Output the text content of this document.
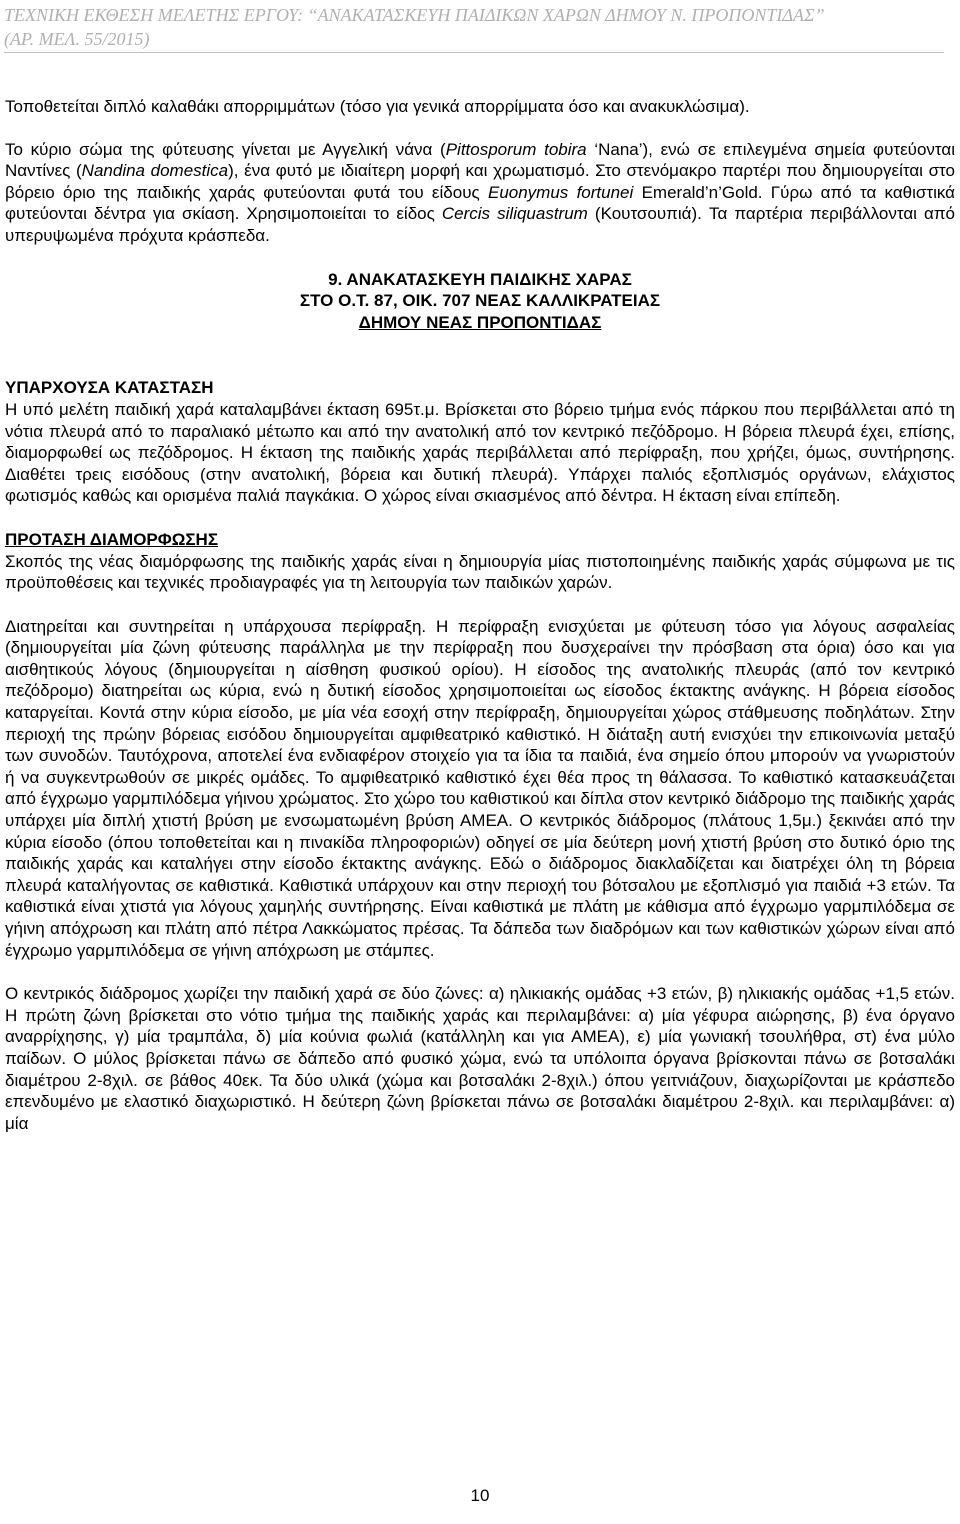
ΤΕΧΝΙΚΗ ΕΚΘΕΣΗ ΜΕΛΕΤΗΣ ΕΡΓΟΥ: “ΑΝΑΚΑΤΑΣΚΕΥΗ ΠΑΙΔΙΚΩΝ ΧΑΡΩΝ ΔΗΜΟΥ Ν. ΠΡΟΠΟΝΤΙΔΑΣ”
(ΑΡ. ΜΕΛ. 55/2015)

Τοποθετείται διπλό καλαθάκι απορριμμάτων (τόσο για γενικά απορρίμματα όσο και ανακυκλώσιμα).

Το κύριο σώμα της φύτευσης γίνεται με Αγγελική νάνα (Pittosporum tobira ‘Nana’), ενώ σε επιλεγμένα σημεία φυτεύονται Ναντίνες (Nandina domestica), ένα φυτό με ιδιαίτερη μορφή και χρωματισμό. Στο στενόμακρο παρτέρι που δημιουργείται στο βόρειο όριο της παιδικής χαράς φυτεύονται φυτά του είδους Euonymus fortunei Emerald’n’Gold. Γύρω από τα καθιστικά φυτεύονται δέντρα για σκίαση. Χρησιμοποιείται το είδος Cercis siliquastrum (Κουτσουπιά). Τα παρτέρια περιβάλλονται από υπερυψωμένα πρόχυτα κράσπεδα.

9. ΑΝΑΚΑΤΑΣΚΕΥΗ ΠΑΙΔΙΚΗΣ ΧΑΡΑΣ
ΣΤΟ Ο.Τ. 87, ΟΙΚ. 707 ΝΕΑΣ ΚΑΛΛΙΚΡΑΤΕΙΑΣ
ΔΗΜΟΥ ΝΕΑΣ ΠΡΟΠΟΝΤΙΔΑΣ

ΥΠΑΡΧΟΥΣΑ ΚΑΤΑΣΤΑΣΗ

Η υπό μελέτη παιδική χαρά καταλαμβάνει έκταση 695τ.μ. Βρίσκεται στο βόρειο τμήμα ενός πάρκου που περιβάλλεται από τη νότια πλευρά από το παραλιακό μέτωπο και από την ανατολική από τον κεντρικό πεζόδρομο. Η βόρεια πλευρά έχει, επίσης, διαμορφωθεί ως πεζόδρομος. Η έκταση της παιδικής χαράς περιβάλλεται από περίφραξη, που χρήζει, όμως, συντήρησης. Διαθέτει τρεις εισόδους (στην ανατολική, βόρεια και δυτική πλευρά). Υπάρχει παλιός εξοπλισμός οργάνων, ελάχιστος φωτισμός καθώς και ορισμένα παλιά παγκάκια. Ο χώρος είναι σκιασμένος από δέντρα. Η έκταση είναι επίπεδη.

ΠΡΟΤΑΣΗ ΔΙΑΜΟΡΦΩΣΗΣ

Σκοπός της νέας διαμόρφωσης της παιδικής χαράς είναι η δημιουργία μίας πιστοποιημένης παιδικής χαράς σύμφωνα με τις προϋποθέσεις και τεχνικές προδιαγραφές για τη λειτουργία των παιδικών χαρών.

Διατηρείται και συντηρείται η υπάρχουσα περίφραξη. Η περίφραξη ενισχύεται με φύτευση τόσο για λόγους ασφαλείας (δημιουργείται μία ζώνη φύτευσης παράλληλα με την περίφραξη που δυσχεραίνει την πρόσβαση στα όρια) όσο και για αισθητικούς λόγους (δημιουργείται η αίσθηση φυσικού ορίου). Η είσοδος της ανατολικής πλευράς (από τον κεντρικό πεζόδρομο) διατηρείται ως κύρια, ενώ η δυτική είσοδος χρησιμοποιείται ως είσοδος έκτακτης ανάγκης. Η βόρεια είσοδος καταργείται. Κοντά στην κύρια είσοδο, με μία νέα εσοχή στην περίφραξη, δημιουργείται χώρος στάθμευσης ποδηλάτων. Στην περιοχή της πρώην βόρειας εισόδου δημιουργείται αμφιθεατρικό καθιστικό. Η διάταξη αυτή ενισχύει την επικοινωνία μεταξύ των συνοδών. Ταυτόχρονα, αποτελεί ένα ενδιαφέρον στοιχείο για τα ίδια τα παιδιά, ένα σημείο όπου μπορούν να γνωριστούν ή να συγκεντρωθούν σε μικρές ομάδες. Το αμφιθεατρικό καθιστικό έχει θέα προς τη θάλασσα. Το καθιστικό κατασκευάζεται από έγχρωμο γαρμπιλόδεμα γήινου χρώματος. Στο χώρο του καθιστικού και δίπλα στον κεντρικό διάδρομο της παιδικής χαράς υπάρχει μία διπλή χτιστή βρύση με ενσωματωμένη βρύση ΑΜΕΑ. Ο κεντρικός διάδρομος (πλάτους 1,5μ.) ξεκινάει από την κύρια είσοδο (όπου τοποθετείται και η πινακίδα πληροφοριών) οδηγεί σε μία δεύτερη μονή χτιστή βρύση στο δυτικό όριο της παιδικής χαράς και καταλήγει στην είσοδο έκτακτης ανάγκης. Εδώ ο διάδρομος διακλαδίζεται και διατρέχει όλη τη βόρεια πλευρά καταλήγοντας σε καθιστικά. Καθιστικά υπάρχουν και στην περιοχή του βότσαλου με εξοπλισμό για παιδιά +3 ετών. Τα καθιστικά είναι χτιστά για λόγους χαμηλής συντήρησης. Είναι καθιστικά με πλάτη με κάθισμα από έγχρωμο γαρμπιλόδεμα σε γήινη απόχρωση και πλάτη από πέτρα Λακκώματος πρέσας. Τα δάπεδα των διαδρόμων και των καθιστικών χώρων είναι από έγχρωμο γαρμπιλόδεμα σε γήινη απόχρωση με στάμπες.

Ο κεντρικός διάδρομος χωρίζει την παιδική χαρά σε δύο ζώνες: α) ηλικιακής ομάδας +3 ετών, β) ηλικιακής ομάδας +1,5 ετών. Η πρώτη ζώνη βρίσκεται στο νότιο τμήμα της παιδικής χαράς και περιλαμβάνει: α) μία γέφυρα αιώρησης, β) ένα όργανο αναρρίχησης, γ) μία τραμπάλα, δ) μία κούνια φωλιά (κατάλληλη και για ΑΜΕΑ), ε) μία γωνιακή τσουλήθρα, στ) ένα μύλο παίδων. Ο μύλος βρίσκεται πάνω σε δάπεδο από φυσικό χώμα, ενώ τα υπόλοιπα όργανα βρίσκονται πάνω σε βοτσαλάκι διαμέτρου 2-8χιλ. σε βάθος 40εκ. Τα δύο υλικά (χώμα και βοτσαλάκι 2-8χιλ.) όπου γειτνιάζουν, διαχωρίζονται με κράσπεδο επενδυμένο με ελαστικό διαχωριστικό. Η δεύτερη ζώνη βρίσκεται πάνω σε βοτσαλάκι διαμέτρου 2-8χιλ. και περιλαμβάνει: α) μία

10
